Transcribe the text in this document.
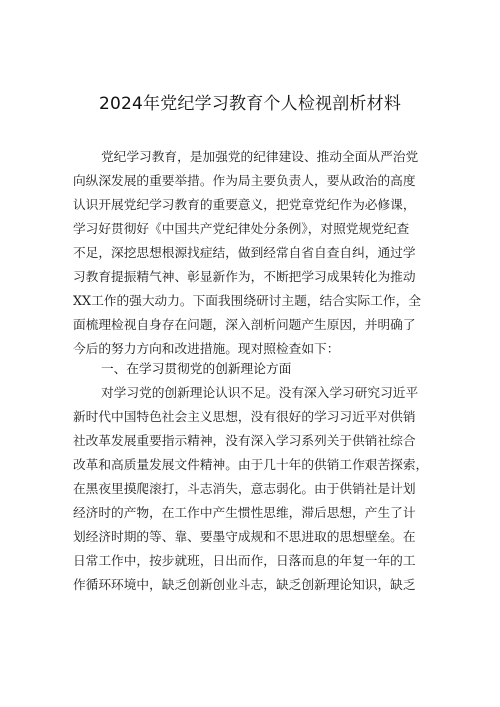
2024年党纪学习教育个人检视剖析材料
党纪学习教育，是加强党的纪律建设、推动全面从严治党
向纵深发展的重要举措。作为局主要负责人，要从政治的高度
认识开展党纪学习教育的重要意义，把党章党纪作为必修课，
学习好贯彻好《中国共产党纪律处分条例》，对照党规党纪查
不足，深挖思想根源找症结，做到经常自省自查自纠，通过学
习教育提振精气神、彰显新作为，不断把学习成果转化为推动
XX工作的强大动力。下面我围绕研讨主题，结合实际工作，全
面梳理检视自身存在问题，深入剖析问题产生原因，并明确了
今后的努力方向和改进措施。现对照检查如下：
一、在学习贯彻党的创新理论方面
对学习党的创新理论认识不足。没有深入学习研究习近平
新时代中国特色社会主义思想，没有很好的学习习近平对供销
社改革发展重要指示精神，没有深入学习系列关于供销社综合
改革和高质量发展文件精神。由于几十年的供销工作艰苦探索，
在黑夜里摸爬滚打，斗志消失，意志弱化。由于供销社是计划
经济时的产物，在工作中产生惯性思维，滞后思想，产生了计
划经济时期的等、靠、要墨守成规和不思进取的思想壁垒。在
日常工作中，按步就班，日出而作，日落而息的年复一年的工
作循环环境中，缺乏创新创业斗志，缺乏创新理论知识，缺乏
